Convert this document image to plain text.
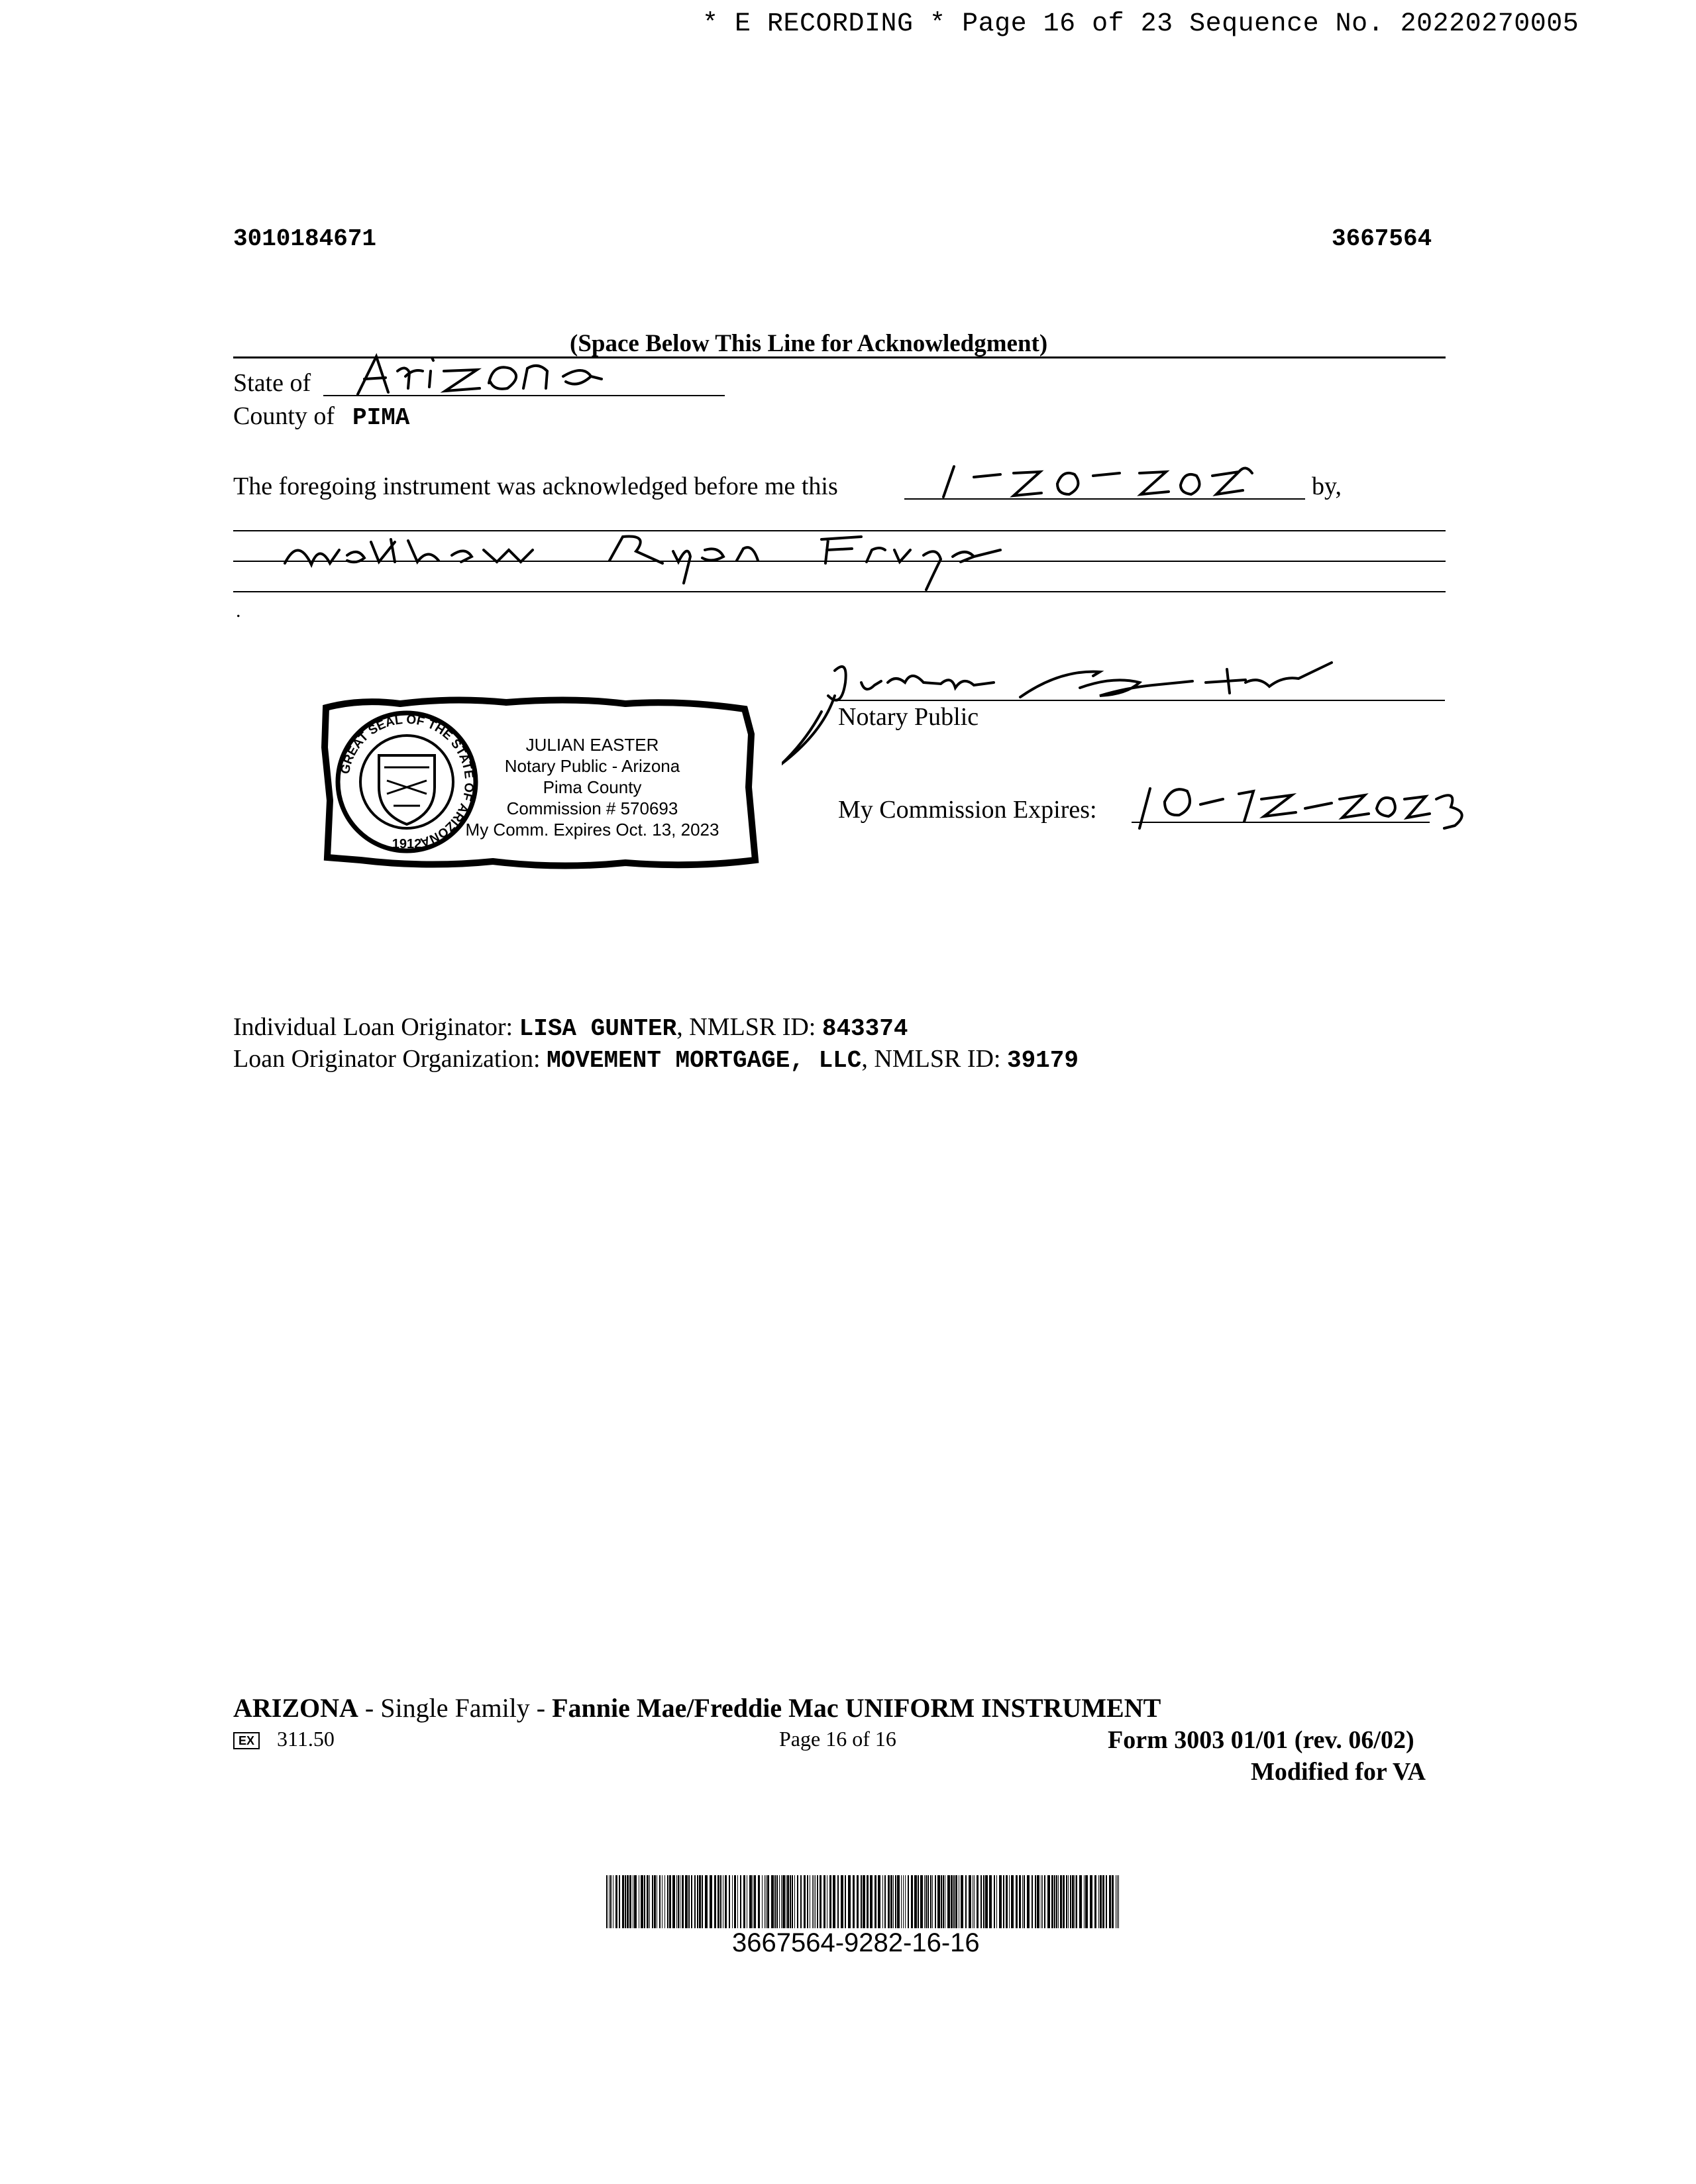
* E RECORDING * Page 16 of 23 Sequence No. 20220270005
3010184671	3667564
(Space Below This Line for Acknowledgment)
State of
County of PIMA
The foregoing instrument was acknowledged before me this	by,
.
Notary Public
My Commission Expires:
GREAT SEAL OF THE STATE OF ARIZONA
1912
JULIAN EASTER
Notary Public - Arizona
Pima County
Commission # 570693
My Comm. Expires Oct. 13, 2023
Individual Loan Originator: LISA GUNTER, NMLSR ID: 843374
Loan Originator Organization: MOVEMENT MORTGAGE, LLC, NMLSR ID: 39179
ARIZONA - Single Family - Fannie Mae/Freddie Mac UNIFORM INSTRUMENT
EX 311.50	Page 16 of 16	Form 3003 01/01 (rev. 06/02)
Modified for VA
3667564-9282-16-16
